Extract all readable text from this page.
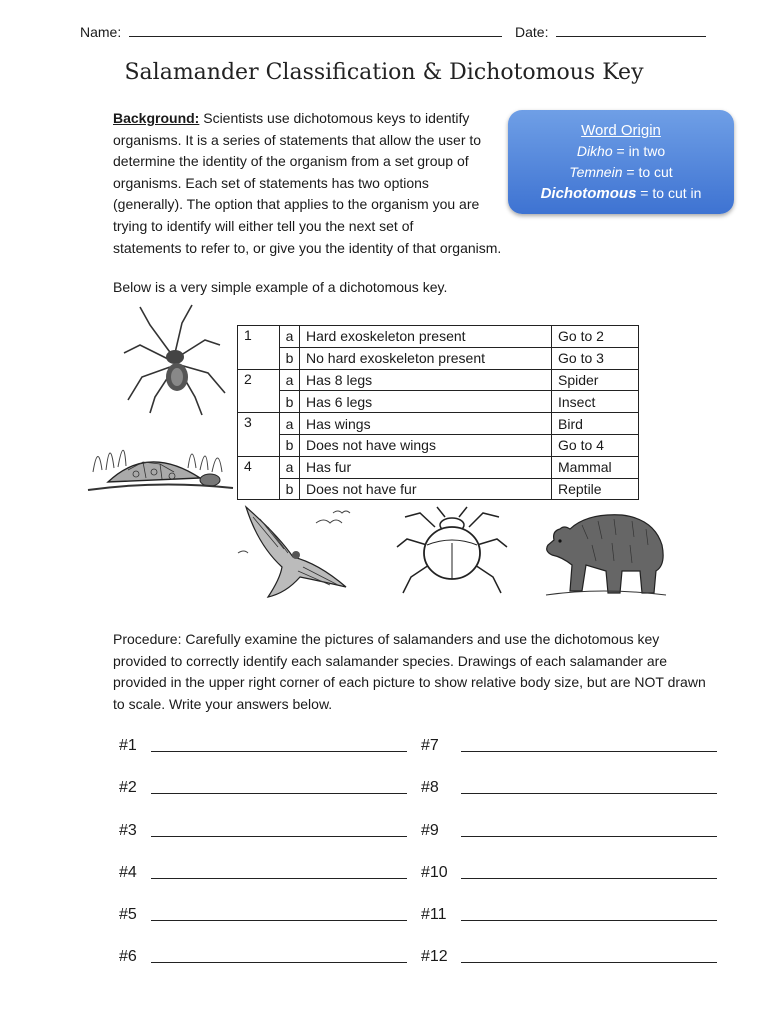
Name:	Date:
Salamander Classification & Dichotomous Key
Background: Scientists use dichotomous keys to identify organisms. It is a series of statements that allow the user to determine the identity of the organism from a set group of organisms. Each set of statements has two options (generally). The option that applies to the organism you are trying to identify will either tell you the next set of statements to refer to, or give you the identity of that organism.
Word Origin
Dikho = in two
Temnein = to cut
Dichotomous = to cut in
Below is a very simple example of a dichotomous key.
1	a	Hard exoskeleton present	Go to 2
	b	No hard exoskeleton present	Go to 3
2	a	Has 8 legs	Spider
	b	Has 6 legs	Insect
3	a	Has wings	Bird
	b	Does not have wings	Go to 4
4	a	Has fur	Mammal
	b	Does not have fur	Reptile
Procedure: Carefully examine the pictures of salamanders and use the dichotomous key provided to correctly identify each salamander species. Drawings of each salamander are provided in the upper right corner of each picture to show relative body size, but are NOT drawn to scale. Write your answers below.
#1	#7
#2	#8
#3	#9
#4	#10
#5	#11
#6	#12
